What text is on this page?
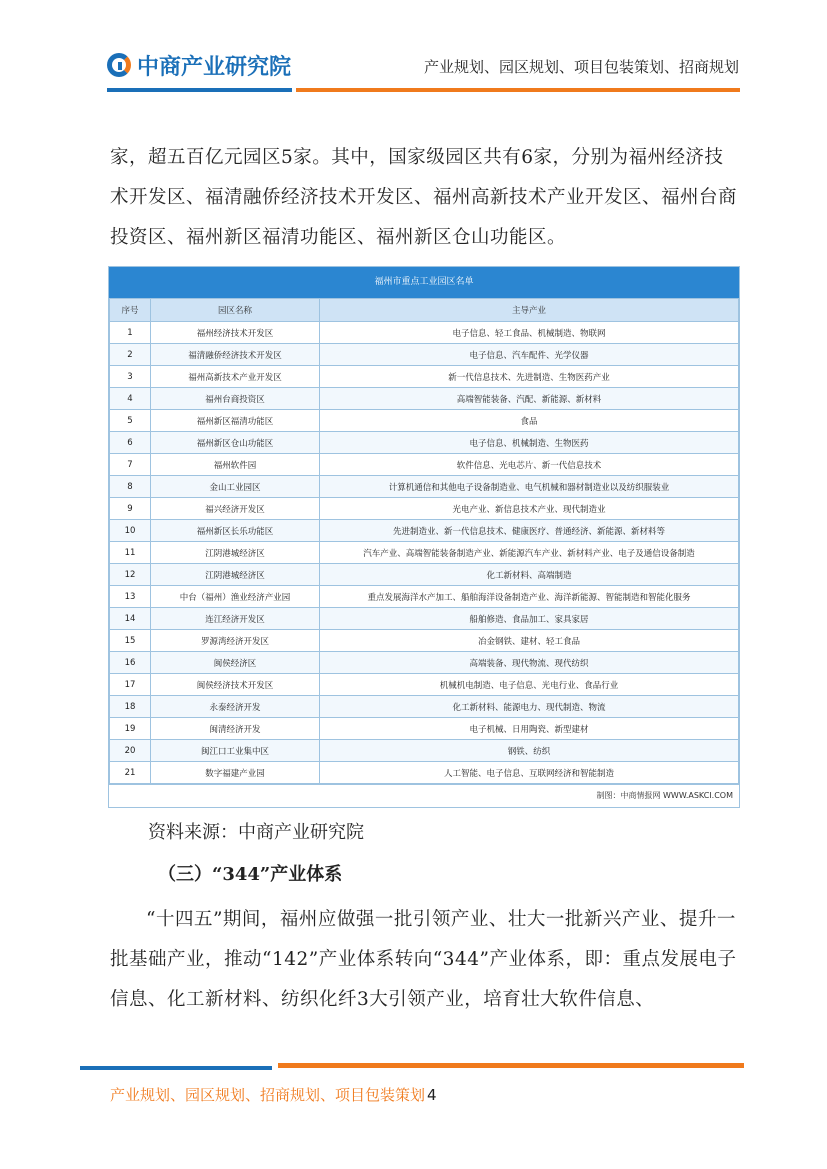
中商产业研究院	产业规划、园区规划、项目包装策划、招商规划
家，超五百亿元园区5家。其中，国家级园区共有6家，分别为福州经济技术开发区、福清融侨经济技术开发区、福州高新技术产业开发区、福州台商投资区、福州新区福清功能区、福州新区仓山功能区。
福州市重点工业园区名单
序号	园区名称	主导产业
1	福州经济技术开发区	电子信息、轻工食品、机械制造、物联网
2	福清融侨经济技术开发区	电子信息、汽车配件、光学仪器
3	福州高新技术产业开发区	新一代信息技术、先进制造、生物医药产业
4	福州台商投资区	高端智能装备、汽配、新能源、新材料
5	福州新区福清功能区	食品
6	福州新区仓山功能区	电子信息、机械制造、生物医药
7	福州软件园	软件信息、光电芯片、新一代信息技术
8	金山工业园区	计算机通信和其他电子设备制造业、电气机械和器材制造业以及纺织服装业
9	福兴经济开发区	光电产业、新信息技术产业、现代制造业
10	福州新区长乐功能区	先进制造业、新一代信息技术、健康医疗、普通经济、新能源、新材料等
11	江阴港城经济区	汽车产业、高端智能装备制造产业、新能源汽车产业、新材料产业、电子及通信设备制造
12	江阴港城经济区	化工新材料、高端制造
13	中台（福州）渔业经济产业园	重点发展海洋水产加工、船舶海洋设备制造产业、海洋新能源、智能制造和智能化服务
14	连江经济开发区	船舶修造、食品加工、家具家居
15	罗源湾经济开发区	冶金钢铁、建材、轻工食品
16	闽侯经济区	高端装备、现代物流、现代纺织
17	闽侯经济技术开发区	机械机电制造、电子信息、光电行业、食品行业
18	永泰经济开发	化工新材料、能源电力、现代制造、物流
19	闽清经济开发	电子机械、日用陶瓷、新型建材
20	闽江口工业集中区	钢铁、纺织
21	数字福建产业园	人工智能、电子信息、互联网经济和智能制造
制图：中商情报网 WWW.ASKCI.COM
资料来源：中商产业研究院
（三）“344”产业体系
“十四五”期间，福州应做强一批引领产业、壮大一批新兴产业、提升一批基础产业，推动“142”产业体系转向“344”产业体系，即：重点发展电子信息、化工新材料、纺织化纤3大引领产业，培育壮大软件信息、
产业规划、园区规划、招商规划、项目包装策划 4
